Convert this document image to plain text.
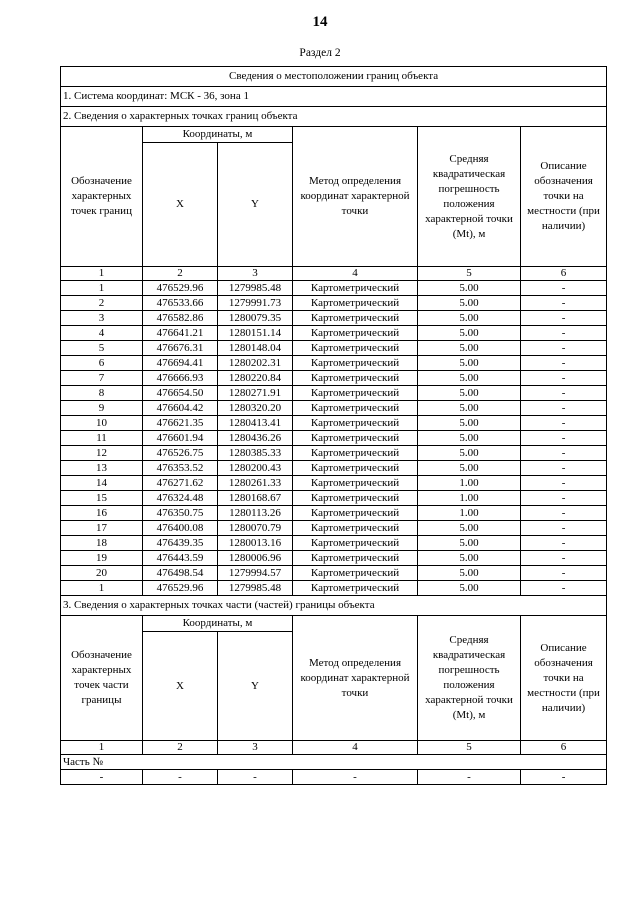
14
Раздел 2
Сведения о местоположении границ объекта					
1. Система координат: МСК - 36, зона 1					
2. Сведения о характерных точках границ объекта					
Обозначение характерных точек границ	Координаты, м		Метод определения координат характерной точки	Средняя квадратическая погрешность положения характерной точки (Mt), м	Описание обозначения точки на местности (при наличии)
	X	Y			
1	2	3	4	5	6
1	476529.96	1279985.48	Картометрический	5.00	-
2	476533.66	1279991.73	Картометрический	5.00	-
3	476582.86	1280079.35	Картометрический	5.00	-
4	476641.21	1280151.14	Картометрический	5.00	-
5	476676.31	1280148.04	Картометрический	5.00	-
6	476694.41	1280202.31	Картометрический	5.00	-
7	476666.93	1280220.84	Картометрический	5.00	-
8	476654.50	1280271.91	Картометрический	5.00	-
9	476604.42	1280320.20	Картометрический	5.00	-
10	476621.35	1280413.41	Картометрический	5.00	-
11	476601.94	1280436.26	Картометрический	5.00	-
12	476526.75	1280385.33	Картометрический	5.00	-
13	476353.52	1280200.43	Картометрический	5.00	-
14	476271.62	1280261.33	Картометрический	1.00	-
15	476324.48	1280168.67	Картометрический	1.00	-
16	476350.75	1280113.26	Картометрический	1.00	-
17	476400.08	1280070.79	Картометрический	5.00	-
18	476439.35	1280013.16	Картометрический	5.00	-
19	476443.59	1280006.96	Картометрический	5.00	-
20	476498.54	1279994.57	Картометрический	5.00	-
1	476529.96	1279985.48	Картометрический	5.00	-
3. Сведения о характерных точках части (частей) границы объекта					
Обозначение характерных точек части границы	Координаты, м		Метод определения координат характерной точки	Средняя квадратическая погрешность положения характерной точки (Mt), м	Описание обозначения точки на местности (при наличии)
	X	Y			
1	2	3	4	5	6
Часть №					
-	-	-	-	-	-
